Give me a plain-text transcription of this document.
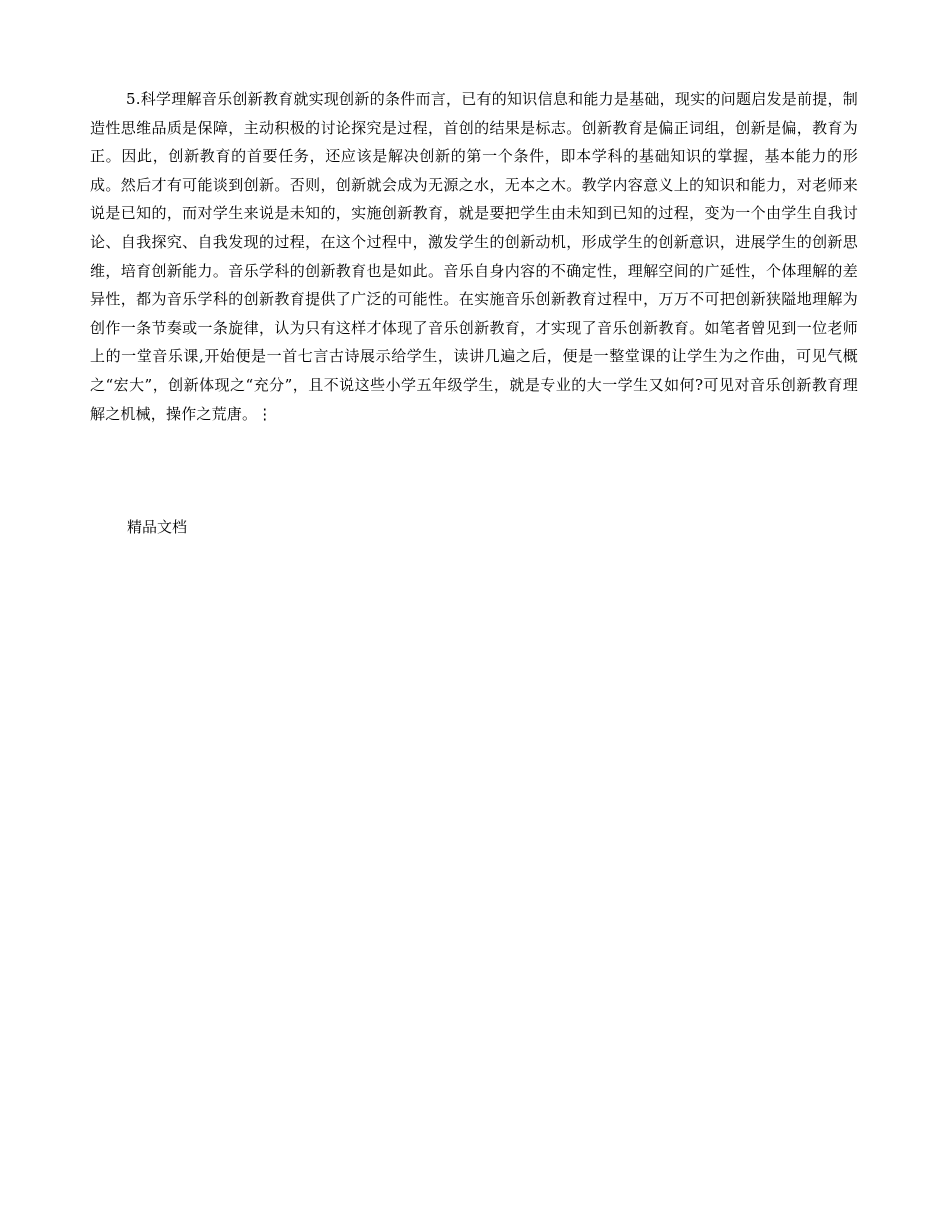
5.科学理解音乐创新教育就实现创新的条件而言，已有的知识信息和能力是基础，现实的问题启发是前提，制造性思维品质是保障，主动积极的讨论探究是过程，首创的结果是标志。创新教育是偏正词组，创新是偏，教育为正。因此，创新教育的首要任务，还应该是解决创新的第一个条件，即本学科的基础知识的掌握，基本能力的形成。然后才有可能谈到创新。否则，创新就会成为无源之水，无本之木。教学内容意义上的知识和能力，对老师来说是已知的，而对学生来说是未知的，实施创新教育，就是要把学生由未知到已知的过程，变为一个由学生自我讨论、自我探究、自我发现的过程，在这个过程中，激发学生的创新动机，形成学生的创新意识，进展学生的创新思维，培育创新能力。音乐学科的创新教育也是如此。音乐自身内容的不确定性，理解空间的广延性，个体理解的差异性，都为音乐学科的创新教育提供了广泛的可能性。在实施音乐创新教育过程中，万万不可把创新狭隘地理解为创作一条节奏或一条旋律，认为只有这样才体现了音乐创新教育，才实现了音乐创新教育。如笔者曾见到一位老师上的一堂音乐课,开始便是一首七言古诗展示给学生，读讲几遍之后，便是一整堂课的让学生为之作曲，可见气概之“宏大”，创新体现之“充分”，且不说这些小学五年级学生，就是专业的大一学生又如何?可见对音乐创新教育理解之机械，操作之荒唐。⋮

精品文档
